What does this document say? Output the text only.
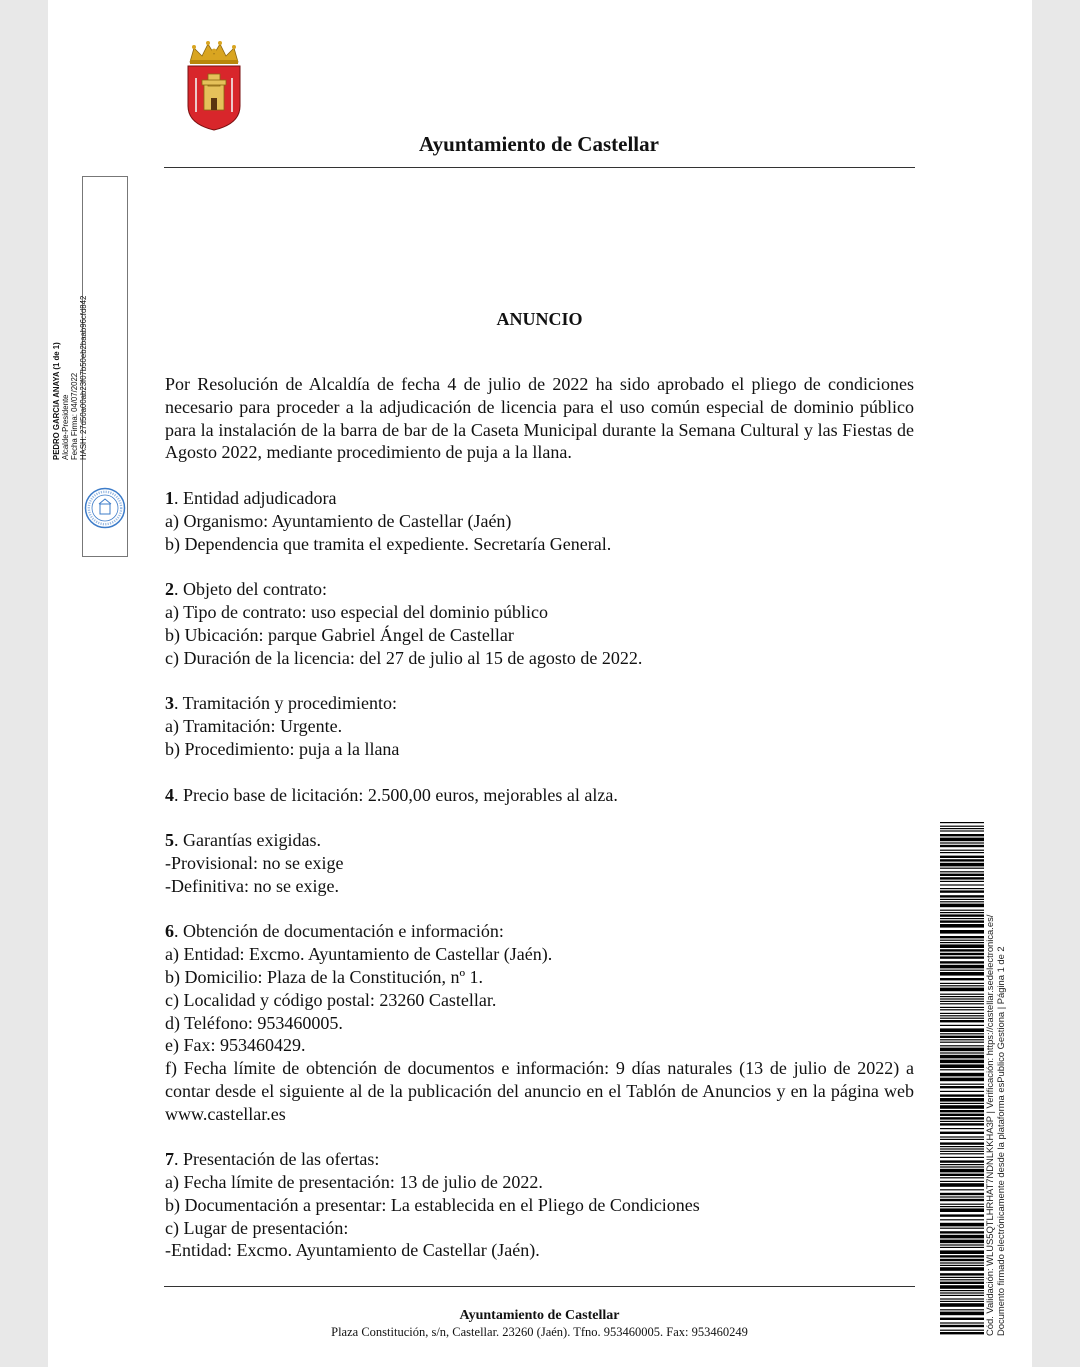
Ayuntamiento de Castellar
ANUNCIO

Por Resolución de Alcaldía de fecha 4 de julio de 2022 ha sido aprobado el pliego de condiciones necesario para proceder a la adjudicación de licencia para el uso común especial de dominio público para la instalación de la barra de bar de la Caseta Municipal durante la Semana Cultural y las Fiestas de Agosto 2022, mediante procedimiento de puja a la llana.

1. Entidad adjudicadora
a) Organismo: Ayuntamiento de Castellar (Jaén)
b) Dependencia que tramita el expediente. Secretaría General.
2. Objeto del contrato:
a) Tipo de contrato: uso especial del dominio público
b) Ubicación: parque Gabriel Ángel de Castellar
c) Duración de la licencia: del 27 de julio al 15 de agosto de 2022.
3. Tramitación y procedimiento:
a) Tramitación: Urgente.
b) Procedimiento: puja a la llana
4. Precio base de licitación: 2.500,00 euros, mejorables al alza.
5. Garantías exigidas.
-Provisional: no se exige
-Definitiva: no se exige.
6. Obtención de documentación e información:
a) Entidad: Excmo. Ayuntamiento de Castellar (Jaén).
b) Domicilio: Plaza de la Constitución, nº 1.
c) Localidad y código postal: 23260 Castellar.
d) Teléfono: 953460005.
e) Fax: 953460429.
f) Fecha límite de obtención de documentos e información: 9 días naturales (13 de julio de 2022) a contar desde el siguiente al de la publicación del anuncio en el Tablón de Anuncios y en la página web www.castellar.es
7. Presentación de las ofertas:
a) Fecha límite de presentación: 13 de julio de 2022.
b) Documentación a presentar: La establecida en el Pliego de Condiciones
c) Lugar de presentación:
-Entidad: Excmo. Ayuntamiento de Castellar (Jaén).
Ayuntamiento de Castellar
Plaza Constitución, s/n, Castellar. 23260 (Jaén). Tfno. 953460005. Fax: 953460249
PEDRO GARCIA ANAYA (1 de 1) Alcalde-Presidente Fecha Firma: 04/07/2022 HASH: 27d50a00ab23f07b50eb2baab96cfd842
Cód. Validación: WLUS5QTLHRHAT7NDNLKKHA3P | Verificación: https://castellar.sedelectronica.es/ Documento firmado electrónicamente desde la plataforma esPublico Gestiona | Página 1 de 2
